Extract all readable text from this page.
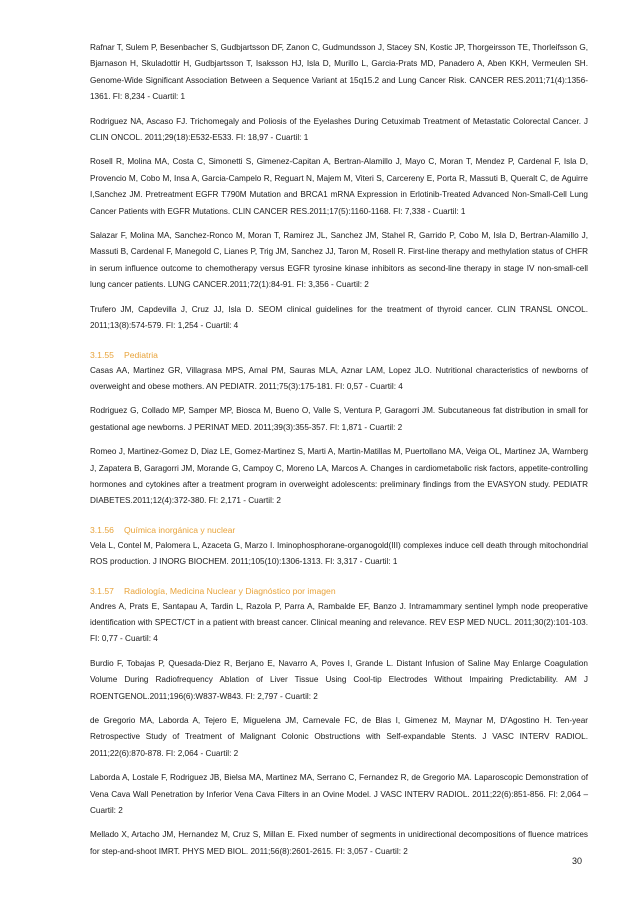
Rafnar T, Sulem P, Besenbacher S, Gudbjartsson DF, Zanon C, Gudmundsson J, Stacey SN, Kostic JP, Thorgeirsson TE, Thorleifsson G, Bjarnason H, Skuladottir H, Gudbjartsson T, Isaksson HJ, Isla D, Murillo L, Garcia-Prats MD, Panadero A, Aben KKH, Vermeulen SH. Genome-Wide Significant Association Between a Sequence Variant at 15q15.2 and Lung Cancer Risk. CANCER RES.2011;71(4):1356-1361. FI: 8,234 - Cuartil: 1

Rodriguez NA, Ascaso FJ. Trichomegaly and Poliosis of the Eyelashes During Cetuximab Treatment of Metastatic Colorectal Cancer. J CLIN ONCOL. 2011;29(18):E532-E533. FI: 18,97 - Cuartil: 1

Rosell R, Molina MA, Costa C, Simonetti S, Gimenez-Capitan A, Bertran-Alamillo J, Mayo C, Moran T, Mendez P, Cardenal F, Isla D, Provencio M, Cobo M, Insa A, Garcia-Campelo R, Reguart N, Majem M, Viteri S, Carcereny E, Porta R, Massuti B, Queralt C, de Aguirre I,Sanchez JM. Pretreatment EGFR T790M Mutation and BRCA1 mRNA Expression in Erlotinib-Treated Advanced Non-Small-Cell Lung Cancer Patients with EGFR Mutations. CLIN CANCER RES.2011;17(5):1160-1168. FI: 7,338 - Cuartil: 1

Salazar F, Molina MA, Sanchez-Ronco M, Moran T, Ramirez JL, Sanchez JM, Stahel R, Garrido P, Cobo M, Isla D, Bertran-Alamillo J, Massuti B, Cardenal F, Manegold C, Lianes P, Trig JM, Sanchez JJ, Taron M, Rosell R. First-line therapy and methylation status of CHFR in serum influence outcome to chemotherapy versus EGFR tyrosine kinase inhibitors as second-line therapy in stage IV non-small-cell lung cancer patients. LUNG CANCER.2011;72(1):84-91. FI: 3,356 - Cuartil: 2

Trufero JM, Capdevilla J, Cruz JJ, Isla D. SEOM clinical guidelines for the treatment of thyroid cancer. CLIN TRANSL ONCOL. 2011;13(8):574-579. FI: 1,254 - Cuartil: 4

3.1.55 Pediatria

Casas AA, Martinez GR, Villagrasa MPS, Arnal PM, Sauras MLA, Aznar LAM, Lopez JLO. Nutritional characteristics of newborns of overweight and obese mothers. AN PEDIATR. 2011;75(3):175-181. FI: 0,57 - Cuartil: 4

Rodriguez G, Collado MP, Samper MP, Biosca M, Bueno O, Valle S, Ventura P, Garagorri JM. Subcutaneous fat distribution in small for gestational age newborns. J PERINAT MED. 2011;39(3):355-357. FI: 1,871 - Cuartil: 2

Romeo J, Martinez-Gomez D, Diaz LE, Gomez-Martinez S, Marti A, Martin-Matillas M, Puertollano MA, Veiga OL, Martinez JA, Warnberg J, Zapatera B, Garagorri JM, Morande G, Campoy C, Moreno LA, Marcos A. Changes in cardiometabolic risk factors, appetite-controlling hormones and cytokines after a treatment program in overweight adolescents: preliminary findings from the EVASYON study. PEDIATR DIABETES.2011;12(4):372-380. FI: 2,171 - Cuartil: 2

3.1.56 Química inorgánica y nuclear

Vela L, Contel M, Palomera L, Azaceta G, Marzo I. Iminophosphorane-organogold(III) complexes induce cell death through mitochondrial ROS production. J INORG BIOCHEM. 2011;105(10):1306-1313. FI: 3,317 - Cuartil: 1

3.1.57 Radiología, Medicina Nuclear y Diagnóstico por imagen

Andres A, Prats E, Santapau A, Tardin L, Razola P, Parra A, Rambalde EF, Banzo J. Intramammary sentinel lymph node preoperative identification with SPECT/CT in a patient with breast cancer. Clinical meaning and relevance. REV ESP MED NUCL. 2011;30(2):101-103. FI: 0,77 - Cuartil: 4

Burdio F, Tobajas P, Quesada-Diez R, Berjano E, Navarro A, Poves I, Grande L. Distant Infusion of Saline May Enlarge Coagulation Volume During Radiofrequency Ablation of Liver Tissue Using Cool-tip Electrodes Without Impairing Predictability. AM J ROENTGENOL.2011;196(6):W837-W843. FI: 2,797 - Cuartil: 2

de Gregorio MA, Laborda A, Tejero E, Miguelena JM, Carnevale FC, de Blas I, Gimenez M, Maynar M, D'Agostino H. Ten-year Retrospective Study of Treatment of Malignant Colonic Obstructions with Self-expandable Stents. J VASC INTERV RADIOL. 2011;22(6):870-878. FI: 2,064 - Cuartil: 2

Laborda A, Lostale F, Rodriguez JB, Bielsa MA, Martinez MA, Serrano C, Fernandez R, de Gregorio MA. Laparoscopic Demonstration of Vena Cava Wall Penetration by Inferior Vena Cava Filters in an Ovine Model. J VASC INTERV RADIOL. 2011;22(6):851-856. FI: 2,064 – Cuartil: 2

Mellado X, Artacho JM, Hernandez M, Cruz S, Millan E. Fixed number of segments in unidirectional decompositions of fluence matrices for step-and-shoot IMRT. PHYS MED BIOL. 2011;56(8):2601-2615. FI: 3,057 - Cuartil: 2

30
